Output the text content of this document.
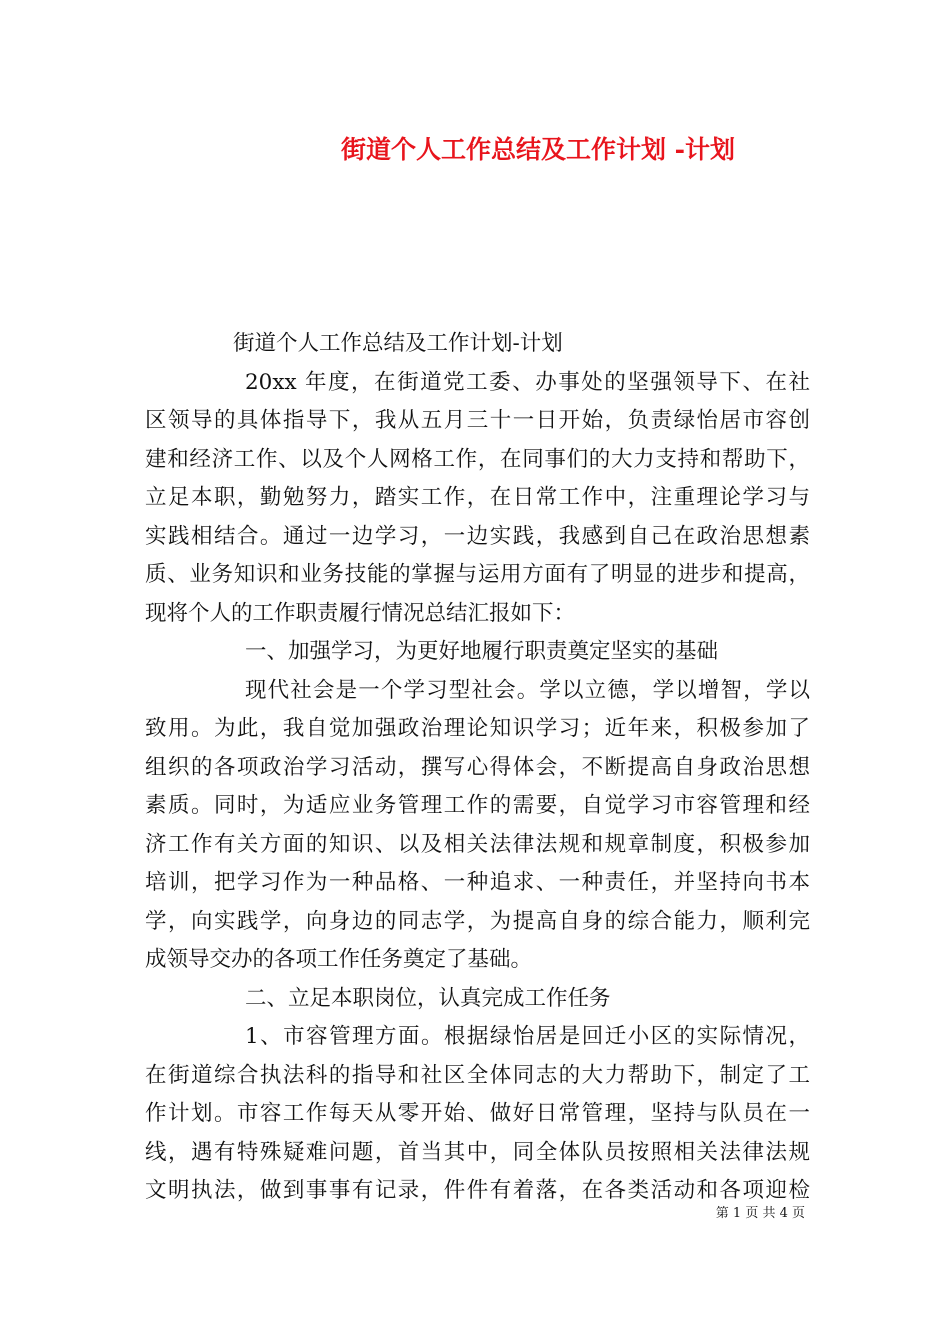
街道个人工作总结及工作计划 -计划
街道个人工作总结及工作计划-计划
20xx 年度，在街道党工委、办事处的坚强领导下、在社
区领导的具体指导下，我从五月三十一日开始，负责绿怡居市容创
建和经济工作、以及个人网格工作，在同事们的大力支持和帮助下，
立足本职，勤勉努力，踏实工作，在日常工作中，注重理论学习与
实践相结合。通过一边学习，一边实践，我感到自己在政治思想素
质、业务知识和业务技能的掌握与运用方面有了明显的进步和提高，
现将个人的工作职责履行情况总结汇报如下：
一、加强学习，为更好地履行职责奠定坚实的基础
现代社会是一个学习型社会。学以立德，学以增智，学以
致用。为此，我自觉加强政治理论知识学习；近年来，积极参加了
组织的各项政治学习活动，撰写心得体会，不断提高自身政治思想
素质。同时，为适应业务管理工作的需要，自觉学习市容管理和经
济工作有关方面的知识、以及相关法律法规和规章制度，积极参加
培训，把学习作为一种品格、一种追求、一种责任，并坚持向书本
学，向实践学，向身边的同志学，为提高自身的综合能力，顺利完
成领导交办的各项工作任务奠定了基础。
二、立足本职岗位，认真完成工作任务
1、市容管理方面。根据绿怡居是回迁小区的实际情况，
在街道综合执法科的指导和社区全体同志的大力帮助下，制定了工
作计划。市容工作每天从零开始、做好日常管理，坚持与队员在一
线，遇有特殊疑难问题，首当其中，同全体队员按照相关法律法规
文明执法，做到事事有记录，件件有着落，在各类活动和各项迎检
第 1 页 共 4 页
